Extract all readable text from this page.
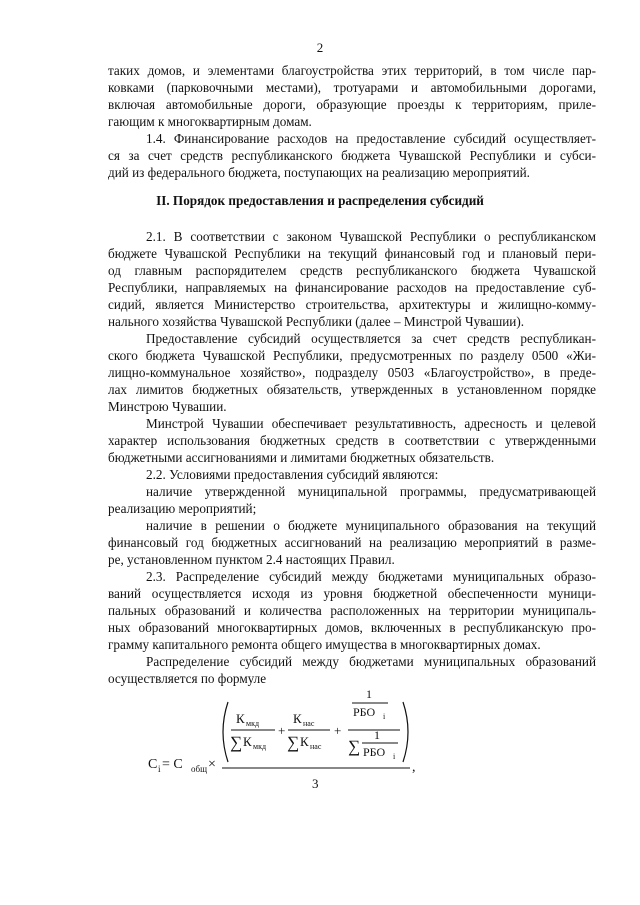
2
таких домов, и элементами благоустройства этих территорий, в том числе пар-
ковками (парковочными местами), тротуарами и автомобильными дорогами,
включая автомобильные дороги, образующие проезды к территориям, приле-
гающим к многоквартирным домам.
1.4. Финансирование расходов на предоставление субсидий осуществляет-
ся за счет средств республиканского бюджета Чувашской Республики и субси-
дий из федерального бюджета, поступающих на реализацию мероприятий.
2.1. В соответствии с законом Чувашской Республики о республиканском
бюджете Чувашской Республики на текущий финансовый год и плановый пери-
од главным распорядителем средств республиканского бюджета Чувашской
Республики, направляемых на финансирование расходов на предоставление суб-
сидий, является Министерство строительства, архитектуры и жилищно-комму-
нального хозяйства Чувашской Республики (далее – Минстрой Чувашии).
Предоставление субсидий осуществляется за счет средств республикан-
ского бюджета Чувашской Республики, предусмотренных по разделу 0500 «Жи-
лищно-коммунальное хозяйство», подразделу 0503 «Благоустройство», в преде-
лах лимитов бюджетных обязательств, утвержденных в установленном порядке
Минстрою Чувашии.
Минстрой Чувашии обеспечивает результативность, адресность и целевой
характер использования бюджетных средств в соответствии с утвержденными
бюджетными ассигнованиями и лимитами бюджетных обязательств.
2.2. Условиями предоставления субсидий являются:
наличие утвержденной муниципальной программы, предусматривающей
реализацию мероприятий;
наличие в решении о бюджете муниципального образования на текущий
финансовый год бюджетных ассигнований на реализацию мероприятий в разме-
ре, установленном пунктом 2.4 настоящих Правил.
2.3. Распределение субсидий между бюджетами муниципальных образо-
ваний осуществляется исходя из уровня бюджетной обеспеченности муници-
пальных образований и количества расположенных на территории муниципаль-
ных образований многоквартирных домов, включенных в республиканскую про-
грамму капитального ремонта общего имущества в многоквартирных домах.
Распределение субсидий между бюджетами муниципальных образований
осуществляется по формуле
II. Порядок предоставления и распределения субсидий
С i = С общ ×
К мкд
∑ К мкд
+
К нас
∑ К нас
+
1
РБО i
∑
1
РБО i
3
,
